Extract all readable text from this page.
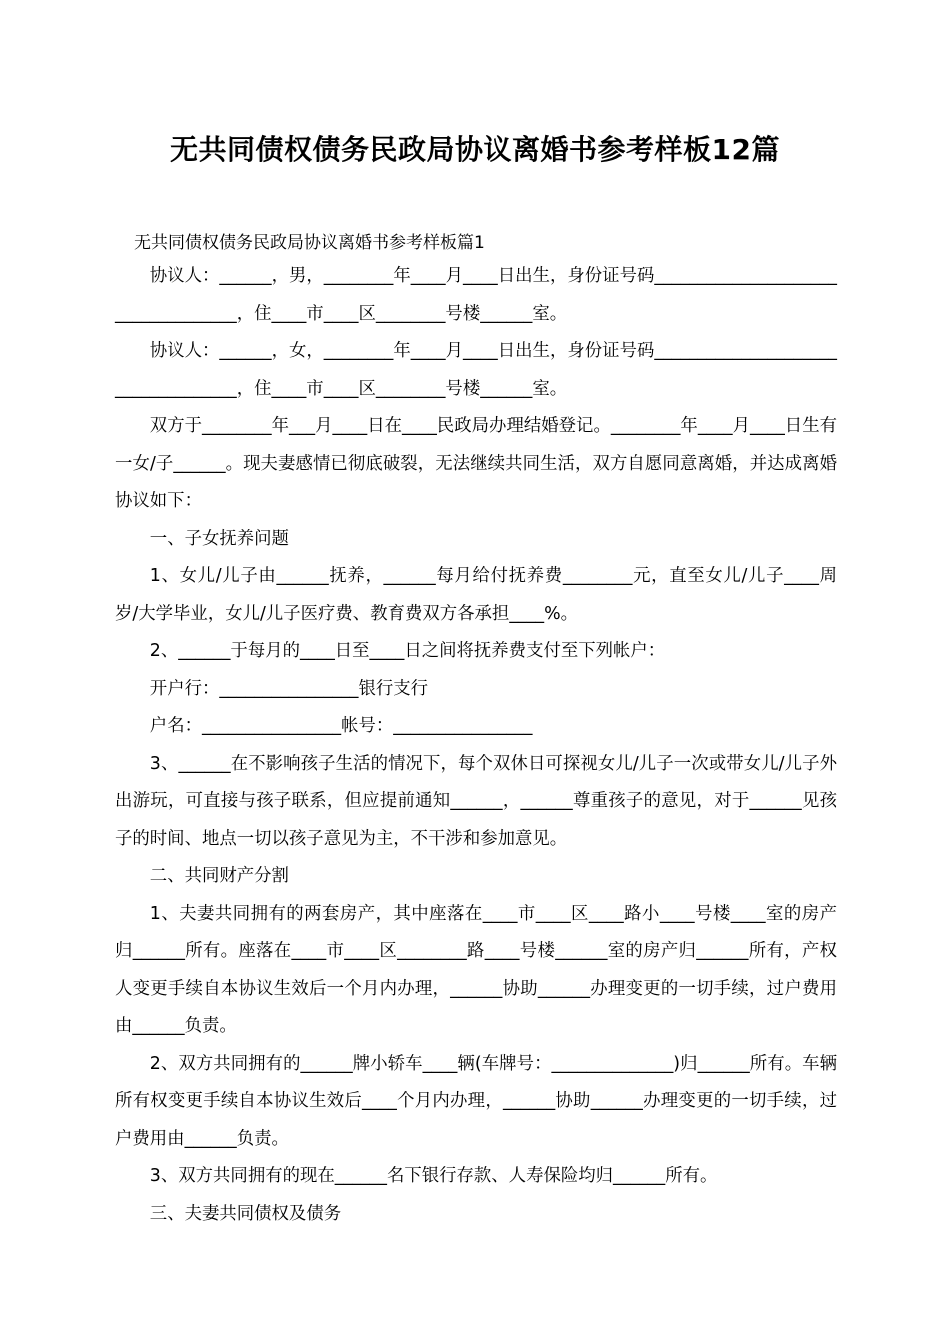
无共同债权债务民政局协议离婚书参考样板12篇
无共同债权债务民政局协议离婚书参考样板篇1

协议人：______，男，________年____月____日出生，身份证号码___________________________________，住____市____区________号楼______室。

协议人：______，女，________年____月____日出生，身份证号码___________________________________，住____市____区________号楼______室。

双方于________年___月____日在____民政局办理结婚登记。________年____月____日生有一女/子______。现夫妻感情已彻底破裂，无法继续共同生活，双方自愿同意离婚，并达成离婚协议如下：

一、子女抚养问题

1、女儿/儿子由______抚养，______每月给付抚养费________元，直至女儿/儿子____周岁/大学毕业，女儿/儿子医疗费、教育费双方各承担____%。

2、______于每月的____日至____日之间将抚养费支付至下列帐户：

开户行：________________银行支行

户名：________________帐号：________________

3、______在不影响孩子生活的情况下，每个双休日可探视女儿/儿子一次或带女儿/儿子外出游玩，可直接与孩子联系，但应提前通知______，______尊重孩子的意见，对于______见孩子的时间、地点一切以孩子意见为主，不干涉和参加意见。

二、共同财产分割

1、夫妻共同拥有的两套房产，其中座落在____市____区____路小____号楼____室的房产归______所有。座落在____市____区________路____号楼______室的房产归______所有，产权人变更手续自本协议生效后一个月内办理，______协助______办理变更的一切手续，过户费用由______负责。

2、双方共同拥有的______牌小轿车____辆(车牌号：______________)归______所有。车辆所有权变更手续自本协议生效后____个月内办理，______协助______办理变更的一切手续，过户费用由______负责。

3、双方共同拥有的现在______名下银行存款、人寿保险均归______所有。

三、夫妻共同债权及债务
